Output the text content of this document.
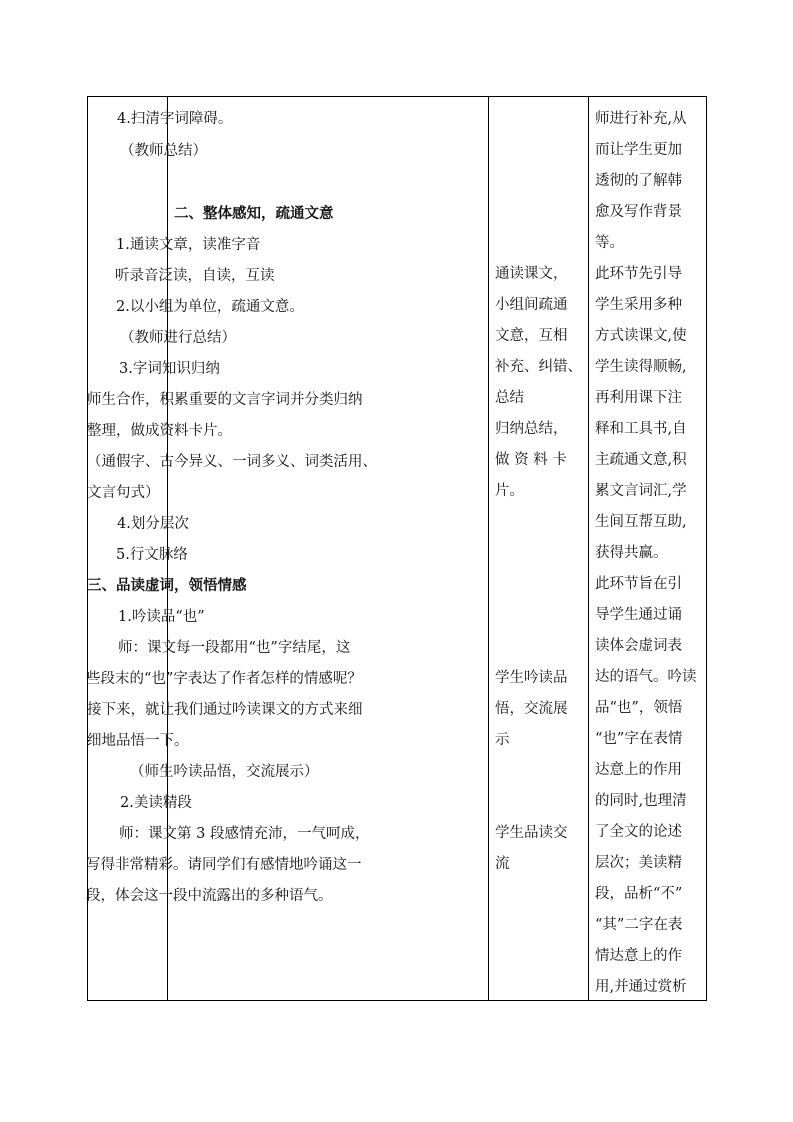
4.扫清字词障碍。
（教师总结）
二、整体感知，疏通文意
1.通读文章，读准字音
听录音泛读，自读，互读
2.以小组为单位，疏通文意。
（教师进行总结）
3.字词知识归纳
师生合作，积累重要的文言字词并分类归纳
整理，做成资料卡片。
（通假字、古今异义、一词多义、词类活用、
文言句式）
4.划分层次
5.行文脉络
三、品读虚词，领悟情感
1.吟读品“也”
师：课文每一段都用“也”字结尾，这
些段末的“也”字表达了作者怎样的情感呢？
接下来，就让我们通过吟读课文的方式来细
细地品悟一下。
（师生吟读品悟，交流展示）
2.美读精段
师：课文第 3 段感情充沛，一气呵成，
写得非常精彩。请同学们有感情地吟诵这一
段，体会这一段中流露出的多种语气。
通读课文，
小组间疏通
文意，互相
补充、纠错、
总结
归纳总结，
做 资 料 卡
片。
学生吟读品
悟，交流展
示
学生品读交
流
师进行补充,从
而让学生更加
透彻的了解韩
愈及写作背景
等。
此环节先引导
学生采用多种
方式读课文,使
学生读得顺畅,
再利用课下注
释和工具书,自
主疏通文意,积
累文言词汇,学
生间互帮互助,
获得共赢。
此环节旨在引
导学生通过诵
读体会虚词表
达的语气。吟读
品“也”，领悟
“也”字在表情
达意上的作用
的同时,也理清
了全文的论述
层次；美读精
段，品析“不”
“其”二字在表
情达意上的作
用,并通过赏析
